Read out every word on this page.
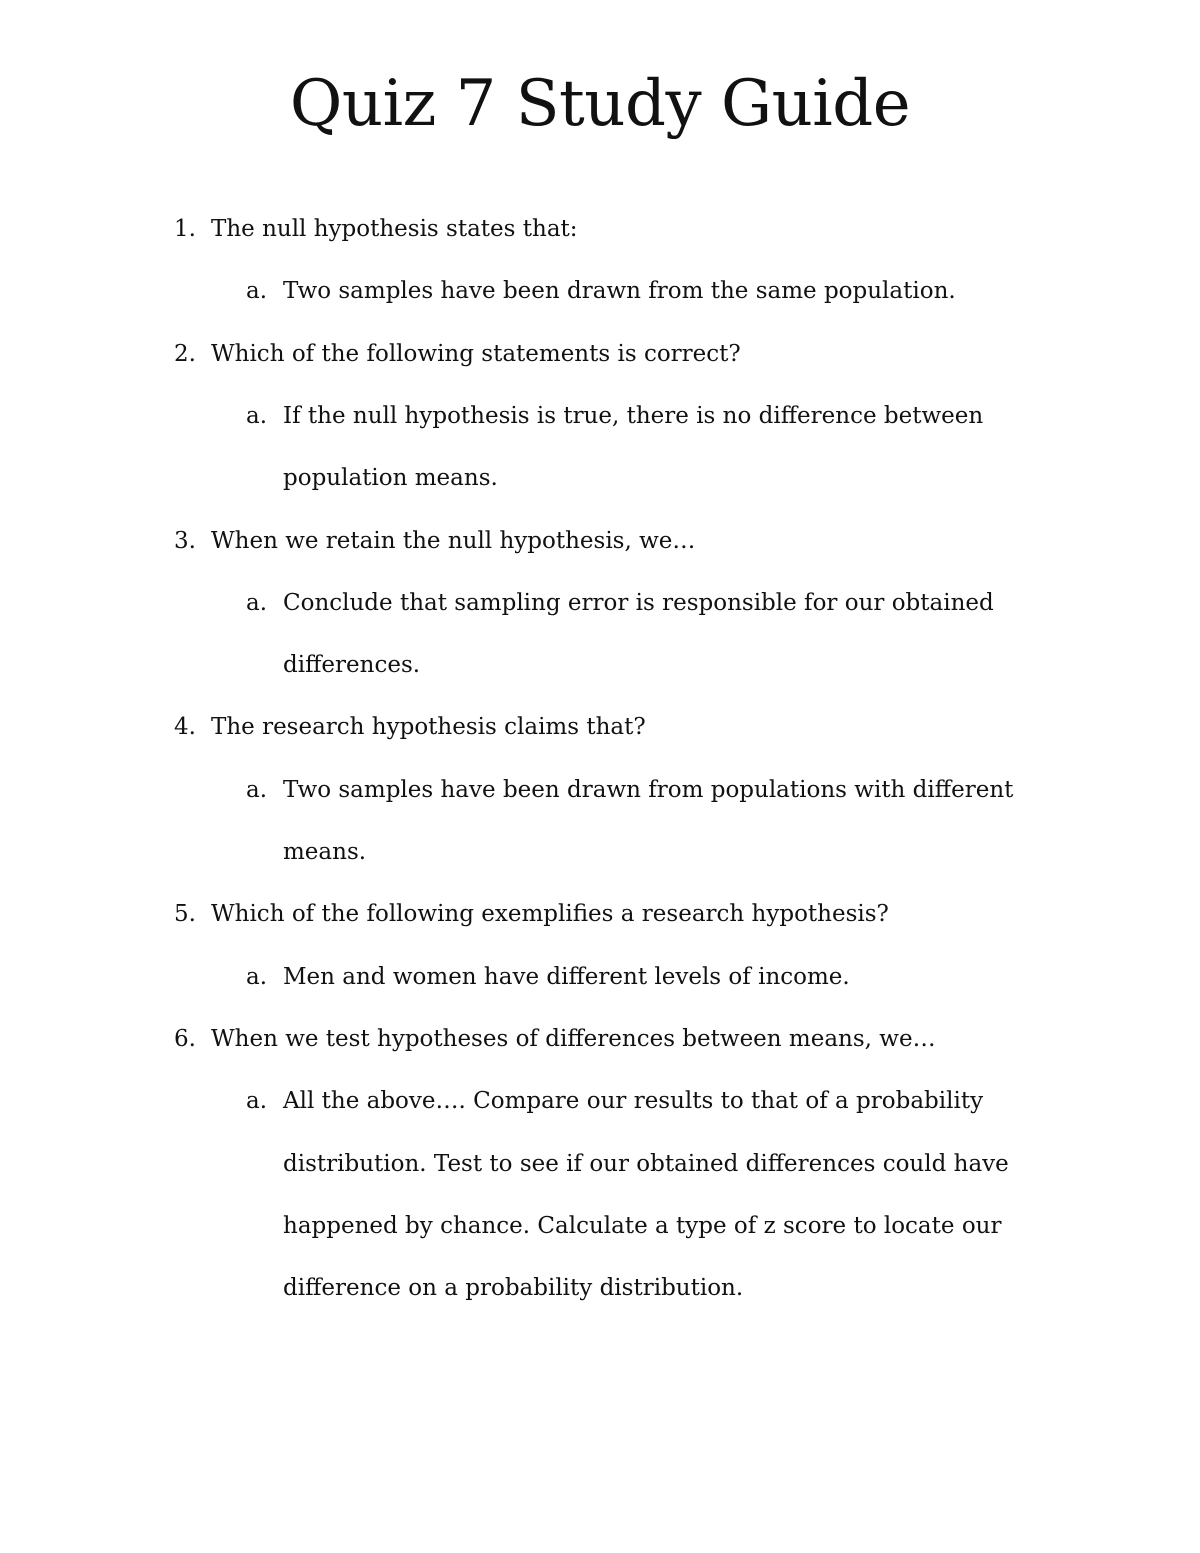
Quiz 7 Study Guide
1. The null hypothesis states that:
a. Two samples have been drawn from the same population.
2. Which of the following statements is correct?
a. If the null hypothesis is true, there is no difference between
population means.
3. When we retain the null hypothesis, we…
a. Conclude that sampling error is responsible for our obtained
differences.
4. The research hypothesis claims that?
a. Two samples have been drawn from populations with different
means.
5. Which of the following exemplifies a research hypothesis?
a. Men and women have different levels of income.
6. When we test hypotheses of differences between means, we…
a. All the above…. Compare our results to that of a probability
distribution. Test to see if our obtained differences could have
happened by chance. Calculate a type of z score to locate our
difference on a probability distribution.
